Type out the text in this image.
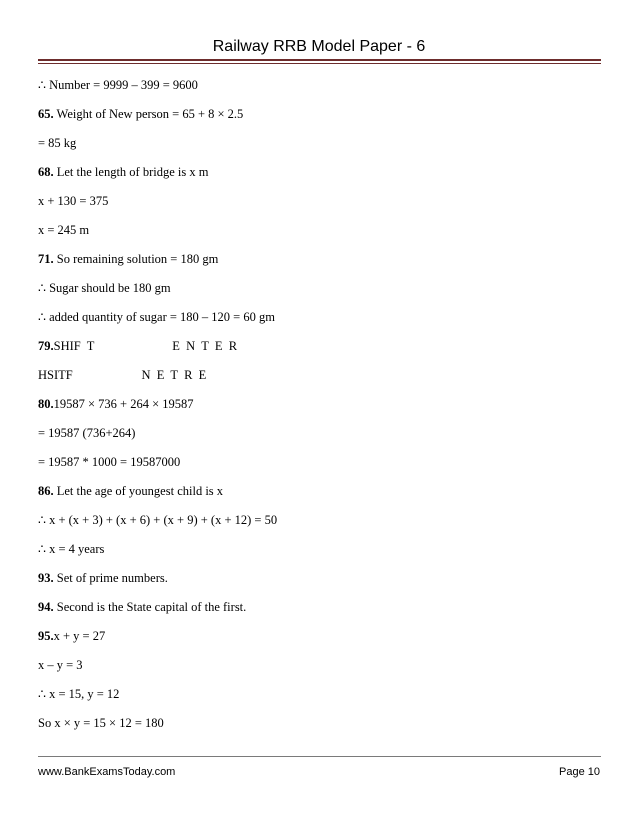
Railway RRB Model Paper - 6
∴ Number = 9999 – 399 = 9600
65. Weight of New person = 65 + 8 × 2.5
= 85 kg
68. Let the length of bridge is x m
x + 130 = 375
x = 245 m
71. So remaining solution = 180 gm
∴ Sugar should be 180 gm
∴ added quantity of sugar = 180 – 120 = 60 gm
79.SHIF  T                         E  N  T  E  R
HSITF                      N  E  T  R  E
80.19587 × 736 + 264 × 19587
= 19587 (736+264)
= 19587 * 1000 = 19587000
86. Let the age of youngest child is x
∴ x + (x + 3) + (x + 6) + (x + 9) + (x + 12) = 50
∴ x = 4 years
93. Set of prime numbers.
94. Second is the State capital of the first.
95.x + y = 27
x – y = 3
∴ x = 15, y = 12
So x × y = 15 × 12 = 180
www.BankExamsToday.com	Page 10
